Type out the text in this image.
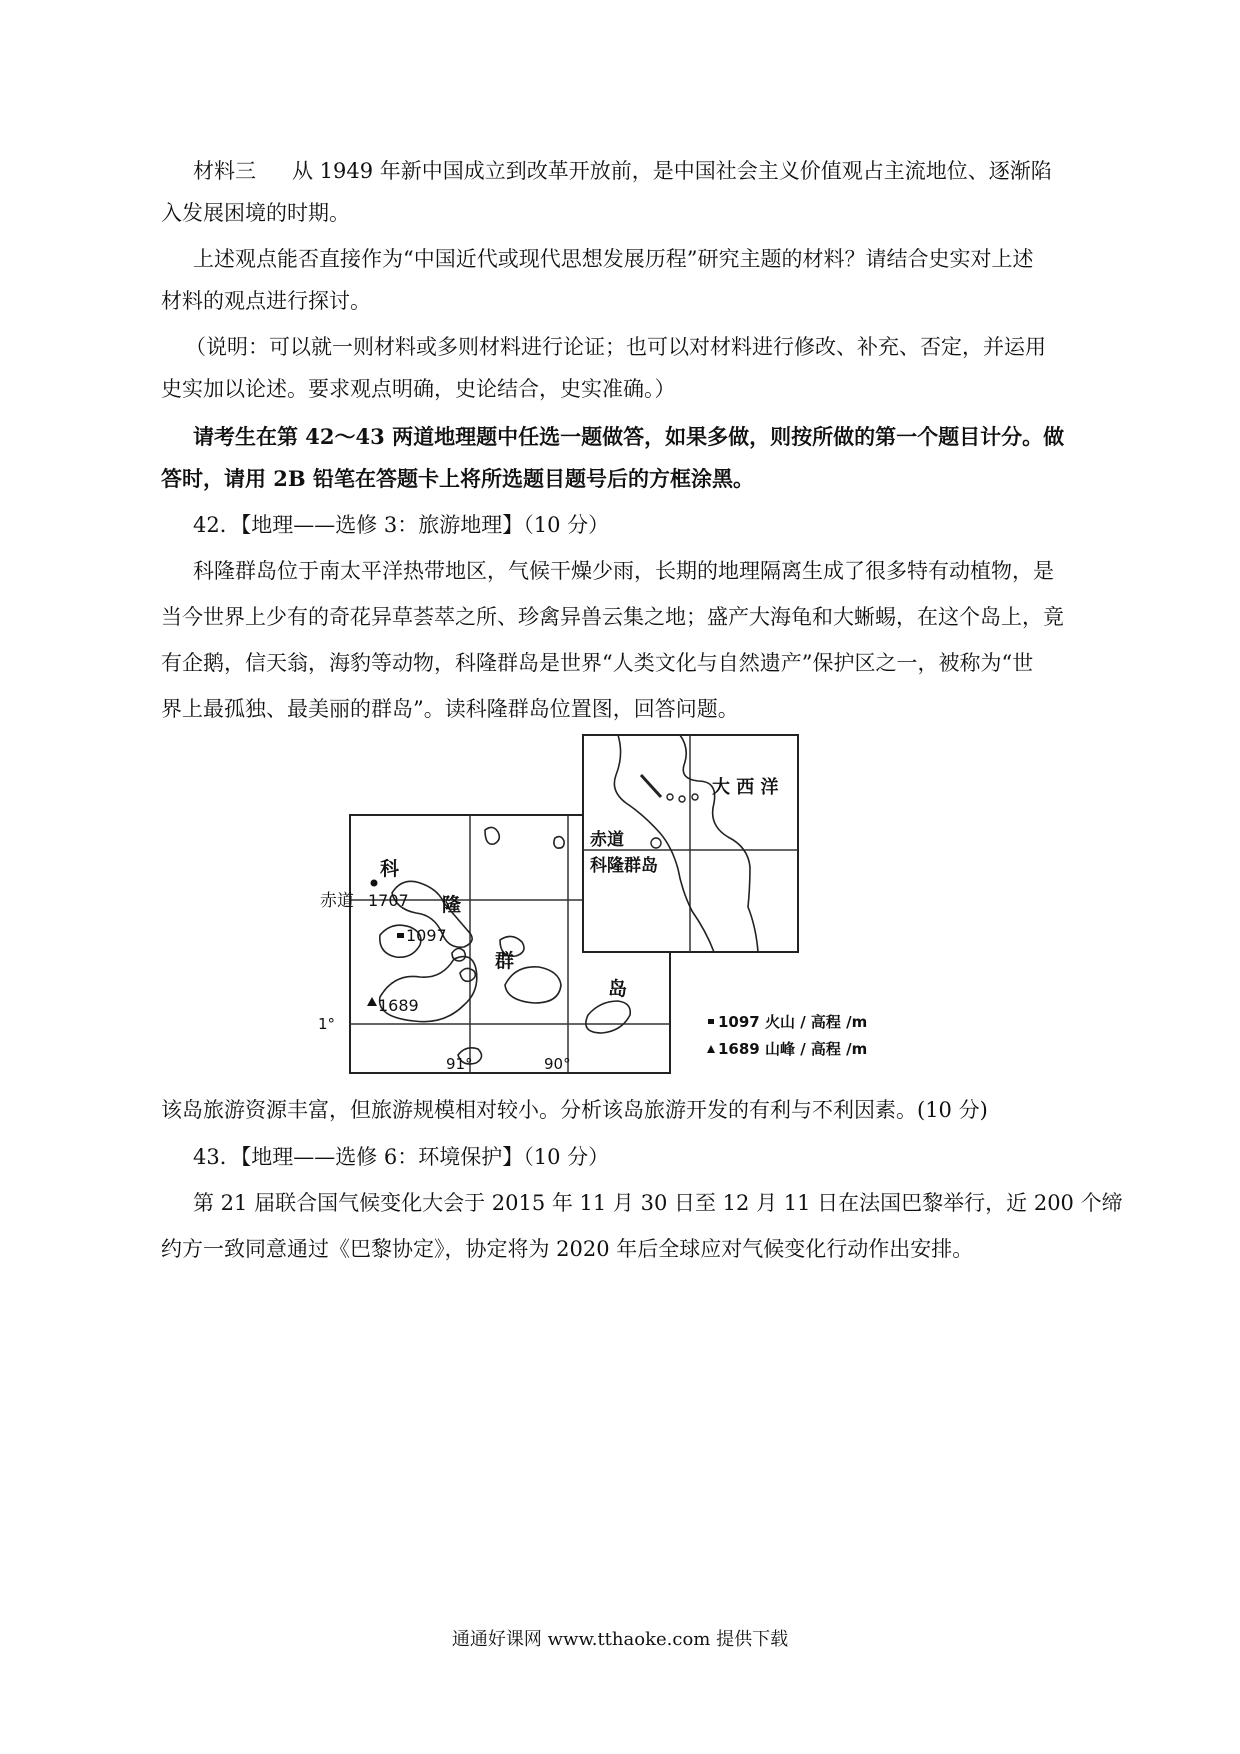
材料三 从 1949 年新中国成立到改革开放前，是中国社会主义价值观占主流地位、逐渐陷
入发展困境的时期。
上述观点能否直接作为“中国近代或现代思想发展历程”研究主题的材料？请结合史实对上述
材料的观点进行探讨。
（说明：可以就一则材料或多则材料进行论证；也可以对材料进行修改、补充、否定，并运用
史实加以论述。要求观点明确，史论结合，史实准确。）
请考生在第 42～43 两道地理题中任选一题做答，如果多做，则按所做的第一个题目计分。做
答时，请用 2B 铅笔在答题卡上将所选题目题号后的方框涂黑。
42．【地理——选修 3：旅游地理】（10 分）
科隆群岛位于南太平洋热带地区，气候干燥少雨，长期的地理隔离生成了很多特有动植物，是
当今世界上少有的奇花异草荟萃之所、珍禽异兽云集之地；盛产大海龟和大蜥蜴，在这个岛上，竟
有企鹅，信天翁，海豹等动物，科隆群岛是世界“人类文化与自然遗产”保护区之一，被称为“世
界上最孤独、最美丽的群岛”。读科隆群岛位置图，回答问题。
科
隆
群
岛
赤道 1707
1097
1689
1°
91°	90°
大 西 洋
赤道
科隆群岛
1097 火山 / 高程 /m
1689 山峰 / 高程 /m
该岛旅游资源丰富，但旅游规模相对较小。分析该岛旅游开发的有利与不利因素。(10 分)
43．【地理——选修 6：环境保护】（10 分）
第 21 届联合国气候变化大会于 2015 年 11 月 30 日至 12 月 11 日在法国巴黎举行，近 200 个缔
约方一致同意通过《巴黎协定》，协定将为 2020 年后全球应对气候变化行动作出安排。
通通好课网 www.tthaoke.com 提供下载
